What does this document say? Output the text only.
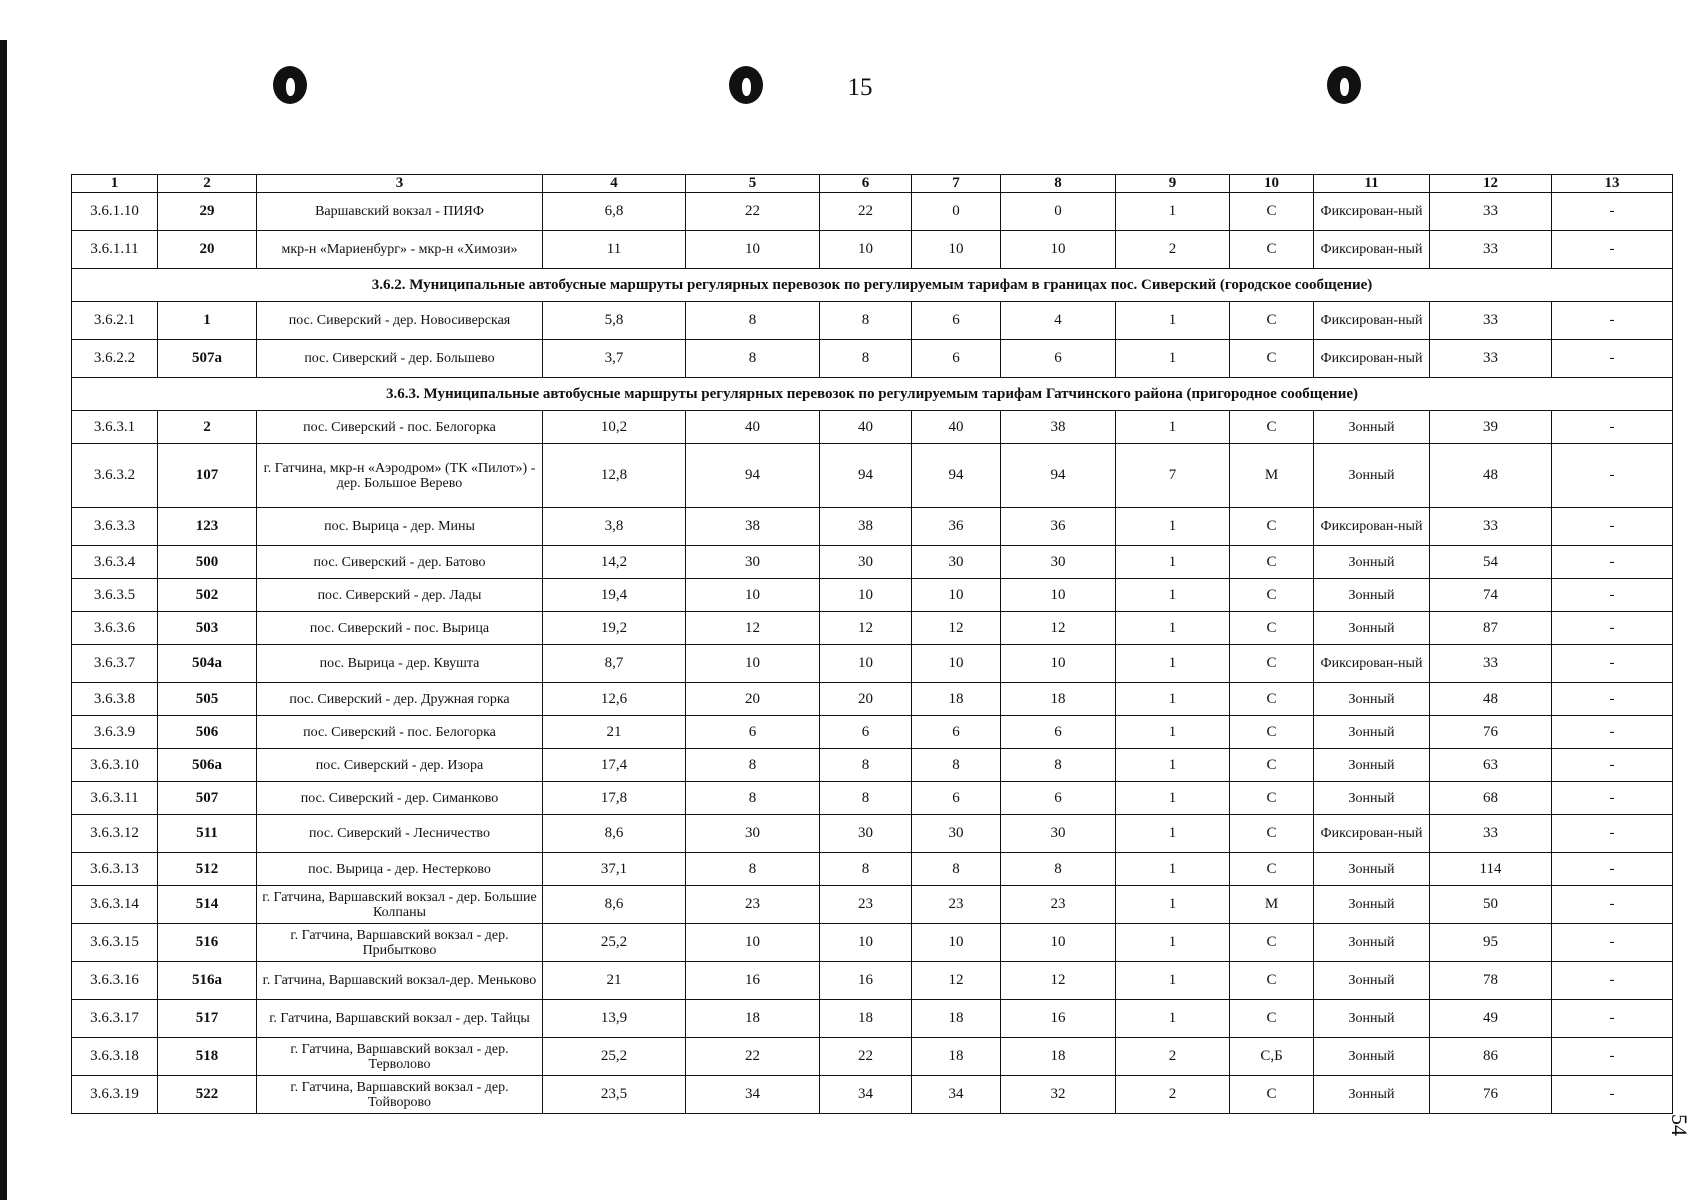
15
54
1	2	3	4	5	6	7	8	9	10	11	12	13
3.6.1.10	29	Варшавский вокзал - ПИЯФ	6,8	22	22	0	0	1	С	Фиксирован-ный	33	-
3.6.1.11	20	мкр-н «Мариенбург» - мкр-н «Химози»	11	10	10	10	10	2	С	Фиксирован-ный	33	-
3.6.2. Муниципальные автобусные маршруты регулярных перевозок по регулируемым тарифам в границах пос. Сиверский (городское сообщение)												
3.6.2.1	1	пос. Сиверский - дер. Новосиверская	5,8	8	8	6	4	1	С	Фиксирован-ный	33	-
3.6.2.2	507а	пос. Сиверский - дер. Большево	3,7	8	8	6	6	1	С	Фиксирован-ный	33	-
3.6.3. Муниципальные автобусные маршруты регулярных перевозок по регулируемым тарифам Гатчинского района (пригородное сообщение)												
3.6.3.1	2	пос. Сиверский - пос. Белогорка	10,2	40	40	40	38	1	С	Зонный	39	-
3.6.3.2	107	г. Гатчина, мкр-н «Аэродром» (ТК «Пилот») - дер. Большое Верево	12,8	94	94	94	94	7	М	Зонный	48	-
3.6.3.3	123	пос. Вырица - дер. Мины	3,8	38	38	36	36	1	С	Фиксирован-ный	33	-
3.6.3.4	500	пос. Сиверский - дер. Батово	14,2	30	30	30	30	1	С	Зонный	54	-
3.6.3.5	502	пос. Сиверский - дер. Лады	19,4	10	10	10	10	1	С	Зонный	74	-
3.6.3.6	503	пос. Сиверский - пос. Вырица	19,2	12	12	12	12	1	С	Зонный	87	-
3.6.3.7	504а	пос. Вырица - дер. Квушта	8,7	10	10	10	10	1	С	Фиксирован-ный	33	-
3.6.3.8	505	пос. Сиверский - дер. Дружная горка	12,6	20	20	18	18	1	С	Зонный	48	-
3.6.3.9	506	пос. Сиверский - пос. Белогорка	21	6	6	6	6	1	С	Зонный	76	-
3.6.3.10	506а	пос. Сиверский - дер. Изора	17,4	8	8	8	8	1	С	Зонный	63	-
3.6.3.11	507	пос. Сиверский - дер. Симанково	17,8	8	8	6	6	1	С	Зонный	68	-
3.6.3.12	511	пос. Сиверский - Лесничество	8,6	30	30	30	30	1	С	Фиксирован-ный	33	-
3.6.3.13	512	пос. Вырица - дер. Нестерково	37,1	8	8	8	8	1	С	Зонный	114	-
3.6.3.14	514	г. Гатчина, Варшавский вокзал - дер. Большие Колпаны	8,6	23	23	23	23	1	М	Зонный	50	-
3.6.3.15	516	г. Гатчина, Варшавский вокзал - дер. Прибытково	25,2	10	10	10	10	1	С	Зонный	95	-
3.6.3.16	516а	г. Гатчина, Варшавский вокзал-дер. Меньково	21	16	16	12	12	1	С	Зонный	78	-
3.6.3.17	517	г. Гатчина, Варшавский вокзал - дер. Тайцы	13,9	18	18	18	16	1	С	Зонный	49	-
3.6.3.18	518	г. Гатчина, Варшавский вокзал - дер. Терволово	25,2	22	22	18	18	2	С,Б	Зонный	86	-
3.6.3.19	522	г. Гатчина, Варшавский вокзал - дер. Тойворово	23,5	34	34	34	32	2	С	Зонный	76	-
